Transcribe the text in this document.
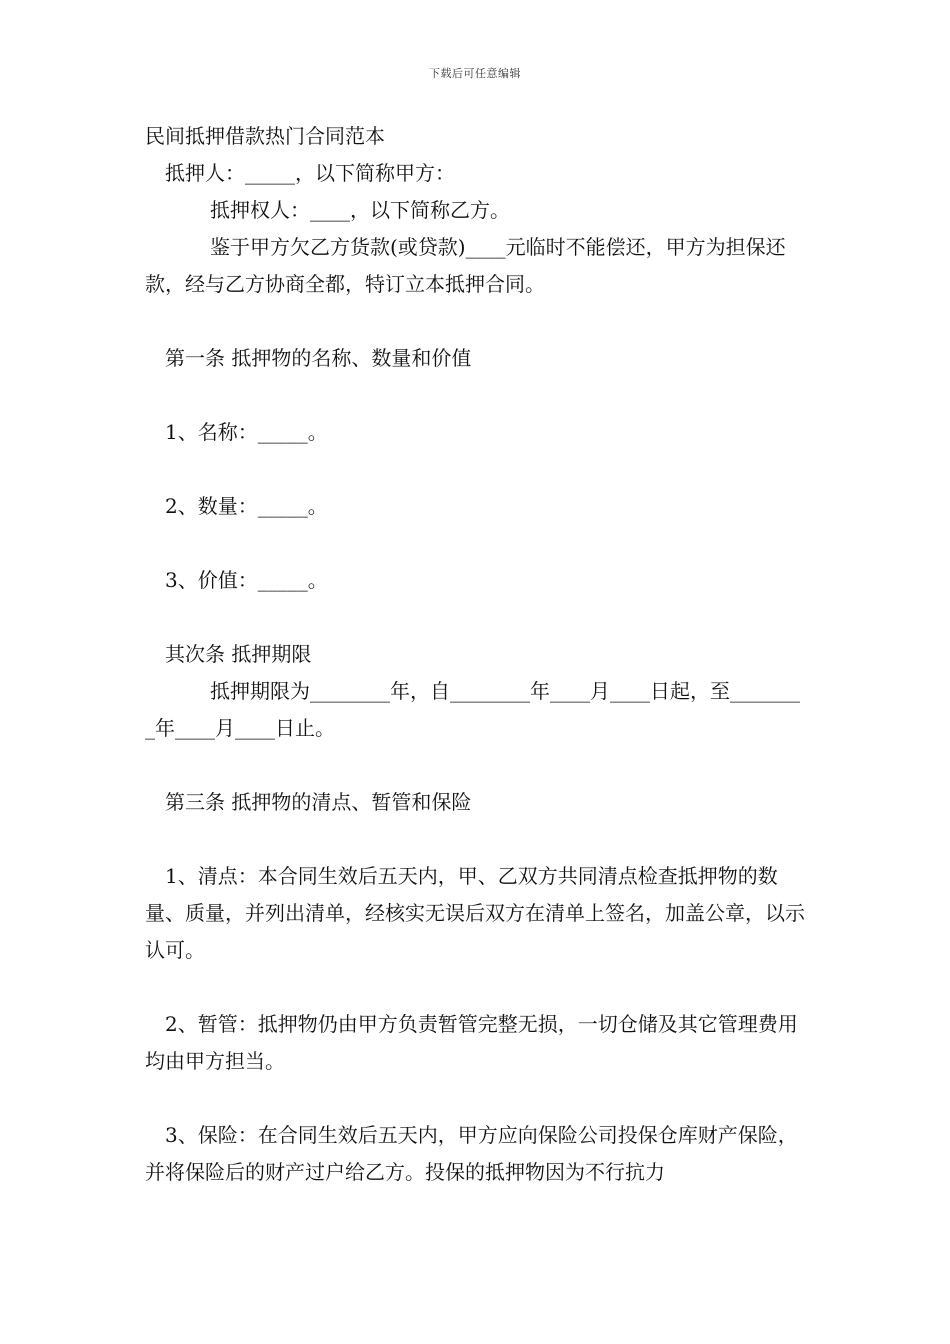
下载后可任意编辑

民间抵押借款热门合同范本

抵押人：_____，以下简称甲方：

抵押权人：____，以下简称乙方。

鉴于甲方欠乙方货款(或贷款)____元临时不能偿还，甲方为担保还款，经与乙方协商全都，特订立本抵押合同。

第一条 抵押物的名称、数量和价值

1、名称：_____。

2、数量：_____。

3、价值：_____。

其次条 抵押期限

抵押期限为________年，自________年____月____日起，至________年____月____日止。

第三条 抵押物的清点、暂管和保险

1、清点：本合同生效后五天内，甲、乙双方共同清点检查抵押物的数量、质量，并列出清单，经核实无误后双方在清单上签名，加盖公章，以示认可。

2、暂管：抵押物仍由甲方负责暂管完整无损，一切仓储及其它管理费用均由甲方担当。

3、保险：在合同生效后五天内，甲方应向保险公司投保仓库财产保险，并将保险后的财产过户给乙方。投保的抵押物因为不行抗力
